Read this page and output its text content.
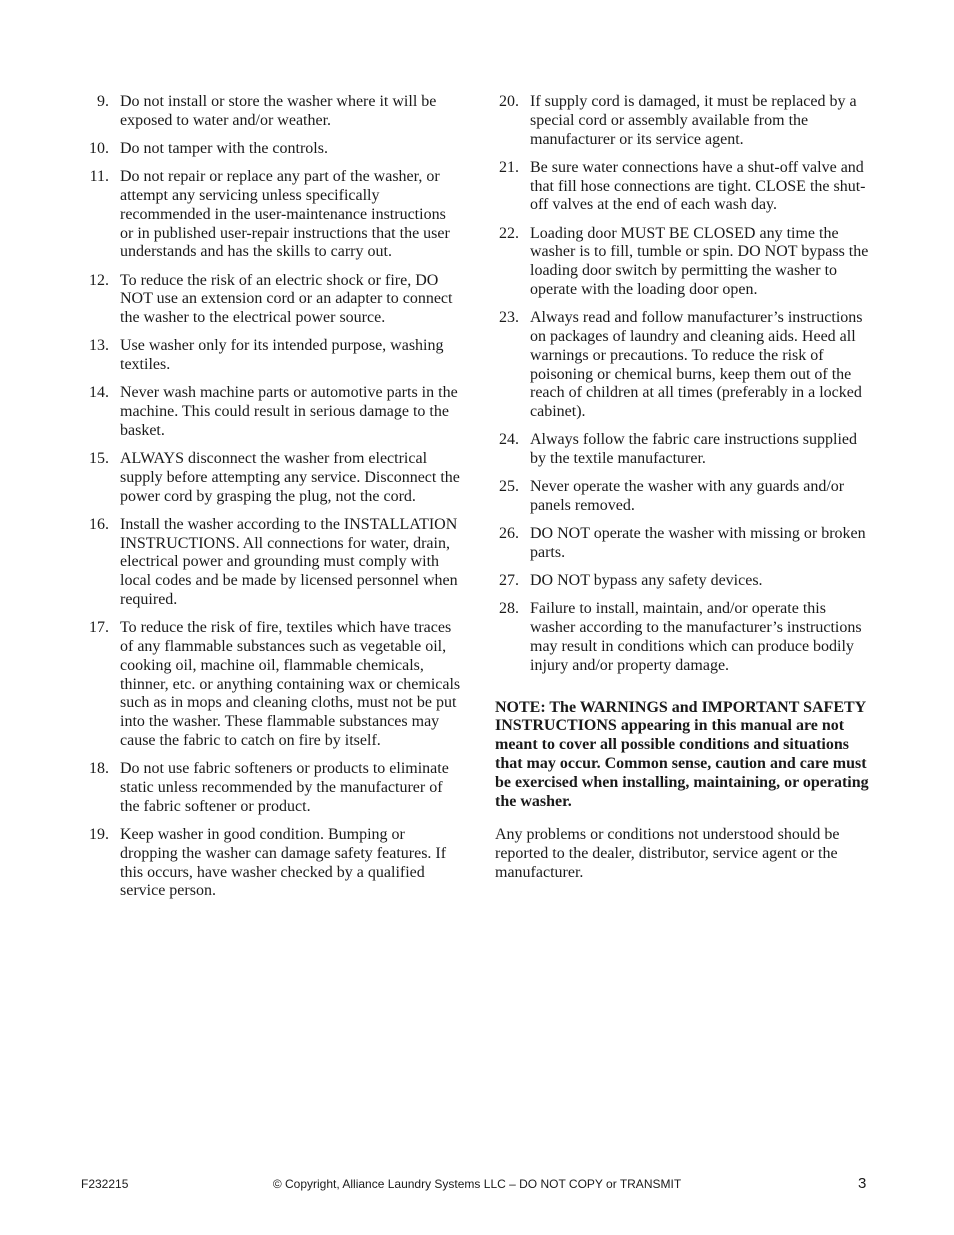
9. Do not install or store the washer where it will be exposed to water and/or weather.
10. Do not tamper with the controls.
11. Do not repair or replace any part of the washer, or attempt any servicing unless specifically recommended in the user-maintenance instructions or in published user-repair instructions that the user understands and has the skills to carry out.
12. To reduce the risk of an electric shock or fire, DO NOT use an extension cord or an adapter to connect the washer to the electrical power source.
13. Use washer only for its intended purpose, washing textiles.
14. Never wash machine parts or automotive parts in the machine. This could result in serious damage to the basket.
15. ALWAYS disconnect the washer from electrical supply before attempting any service. Disconnect the power cord by grasping the plug, not the cord.
16. Install the washer according to the INSTALLATION INSTRUCTIONS. All connections for water, drain, electrical power and grounding must comply with local codes and be made by licensed personnel when required.
17. To reduce the risk of fire, textiles which have traces of any flammable substances such as vegetable oil, cooking oil, machine oil, flammable chemicals, thinner, etc. or anything containing wax or chemicals such as in mops and cleaning cloths, must not be put into the washer. These flammable substances may cause the fabric to catch on fire by itself.
18. Do not use fabric softeners or products to eliminate static unless recommended by the manufacturer of the fabric softener or product.
19. Keep washer in good condition. Bumping or dropping the washer can damage safety features. If this occurs, have washer checked by a qualified service person.
20. If supply cord is damaged, it must be replaced by a special cord or assembly available from the manufacturer or its service agent.
21. Be sure water connections have a shut-off valve and that fill hose connections are tight. CLOSE the shut-off valves at the end of each wash day.
22. Loading door MUST BE CLOSED any time the washer is to fill, tumble or spin. DO NOT bypass the loading door switch by permitting the washer to operate with the loading door open.
23. Always read and follow manufacturer’s instructions on packages of laundry and cleaning aids. Heed all warnings or precautions. To reduce the risk of poisoning or chemical burns, keep them out of the reach of children at all times (preferably in a locked cabinet).
24. Always follow the fabric care instructions supplied by the textile manufacturer.
25. Never operate the washer with any guards and/or panels removed.
26. DO NOT operate the washer with missing or broken parts.
27. DO NOT bypass any safety devices.
28. Failure to install, maintain, and/or operate this washer according to the manufacturer’s instructions may result in conditions which can produce bodily injury and/or property damage.
NOTE: The WARNINGS and IMPORTANT SAFETY INSTRUCTIONS appearing in this manual are not meant to cover all possible conditions and situations that may occur. Common sense, caution and care must be exercised when installing, maintaining, or operating the washer.
Any problems or conditions not understood should be reported to the dealer, distributor, service agent or the manufacturer.
F232215	© Copyright, Alliance Laundry Systems LLC – DO NOT COPY or TRANSMIT	3
